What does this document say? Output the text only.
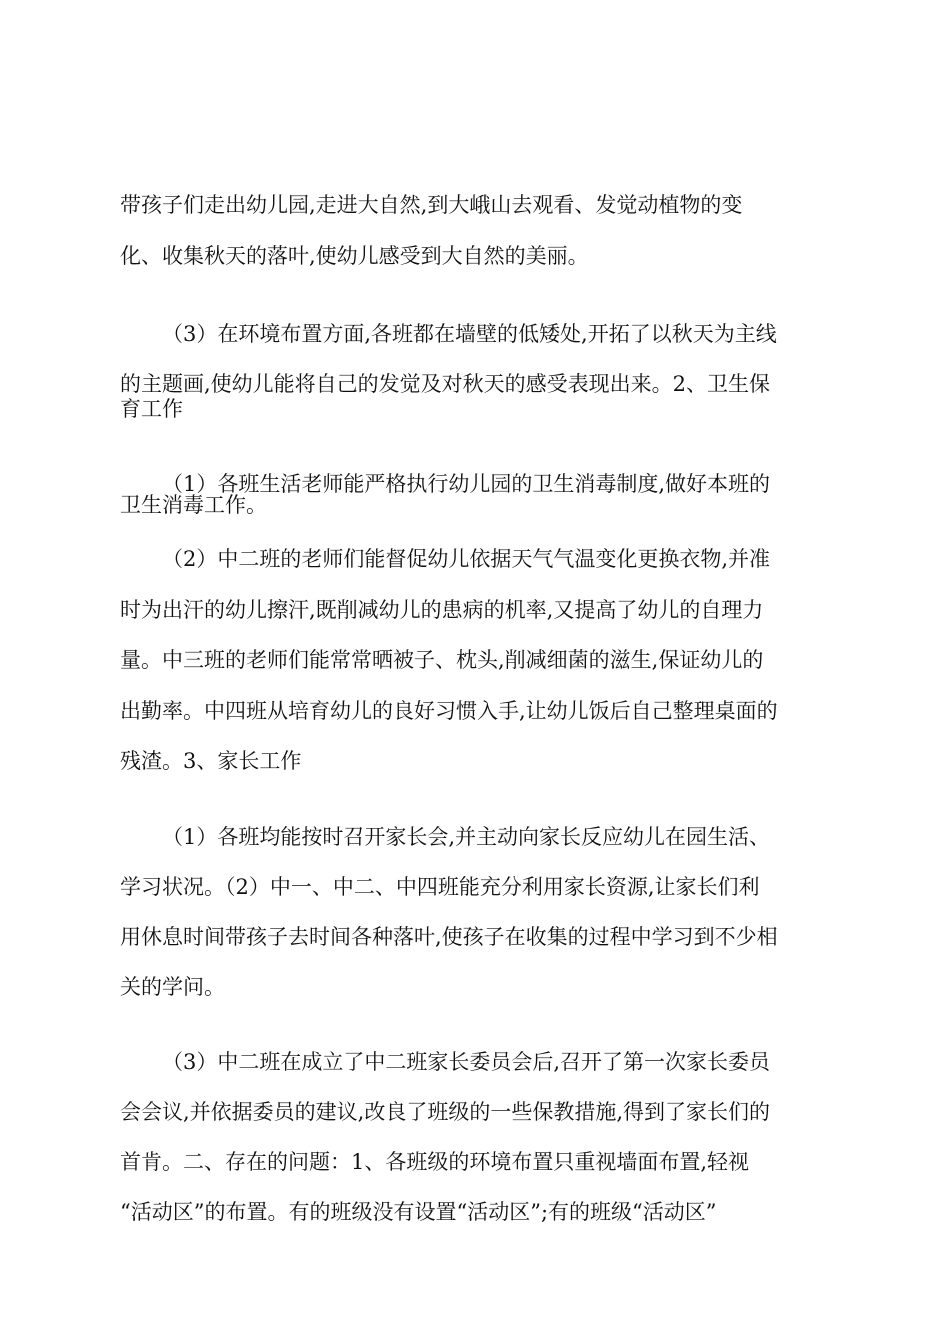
带孩子们走出幼儿园,走进大自然,到大峨山去观看、发觉动植物的变
化、收集秋天的落叶,使幼儿感受到大自然的美丽。
（3）在环境布置方面,各班都在墙壁的低矮处,开拓了以秋天为主线
的主题画,使幼儿能将自己的发觉及对秋天的感受表现出来。2、卫生保
育工作
（1）各班生活老师能严格执行幼儿园的卫生消毒制度,做好本班的
卫生消毒工作。
（2）中二班的老师们能督促幼儿依据天气气温变化更换衣物,并准
时为出汗的幼儿擦汗,既削减幼儿的患病的机率,又提高了幼儿的自理力
量。中三班的老师们能常常晒被子、枕头,削减细菌的滋生,保证幼儿的
出勤率。中四班从培育幼儿的良好习惯入手,让幼儿饭后自己整理桌面的
残渣。3、家长工作
（1）各班均能按时召开家长会,并主动向家长反应幼儿在园生活、
学习状况。（2）中一、中二、中四班能充分利用家长资源,让家长们利
用休息时间带孩子去时间各种落叶,使孩子在收集的过程中学习到不少相
关的学问。
（3）中二班在成立了中二班家长委员会后,召开了第一次家长委员
会会议,并依据委员的建议,改良了班级的一些保教措施,得到了家长们的
首肯。二、存在的问题：1、各班级的环境布置只重视墙面布置,轻视
“活动区”的布置。有的班级没有设置“活动区”;有的班级“活动区”
